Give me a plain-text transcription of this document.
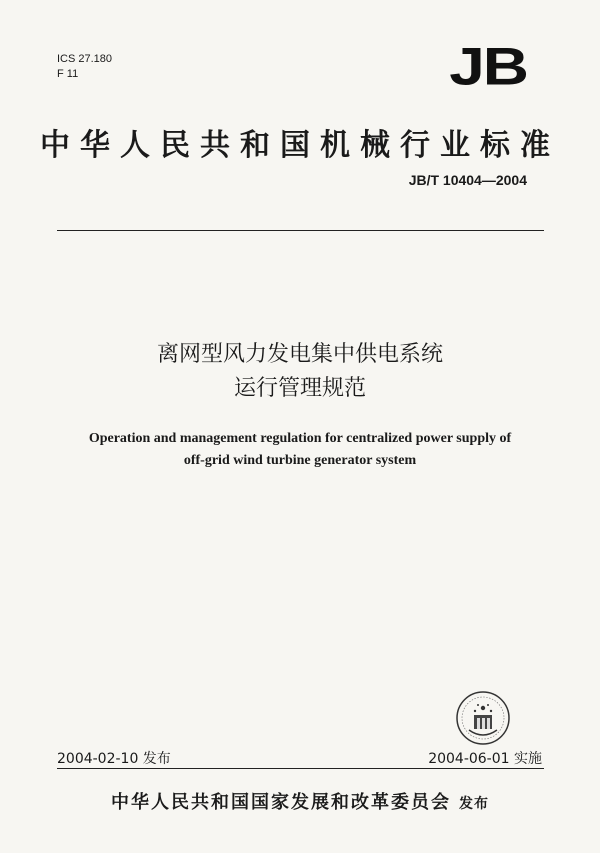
ICS 27.180
F 11	JB
中华人民共和国机械行业标准
JB/T 10404—2004
离网型风力发电集中供电系统
运行管理规范
Operation and management regulation for centralized power supply of
off-grid wind turbine generator system
2004-02-10 发布	2004-06-01 实施
中华人民共和国国家发展和改革委员会 发布
